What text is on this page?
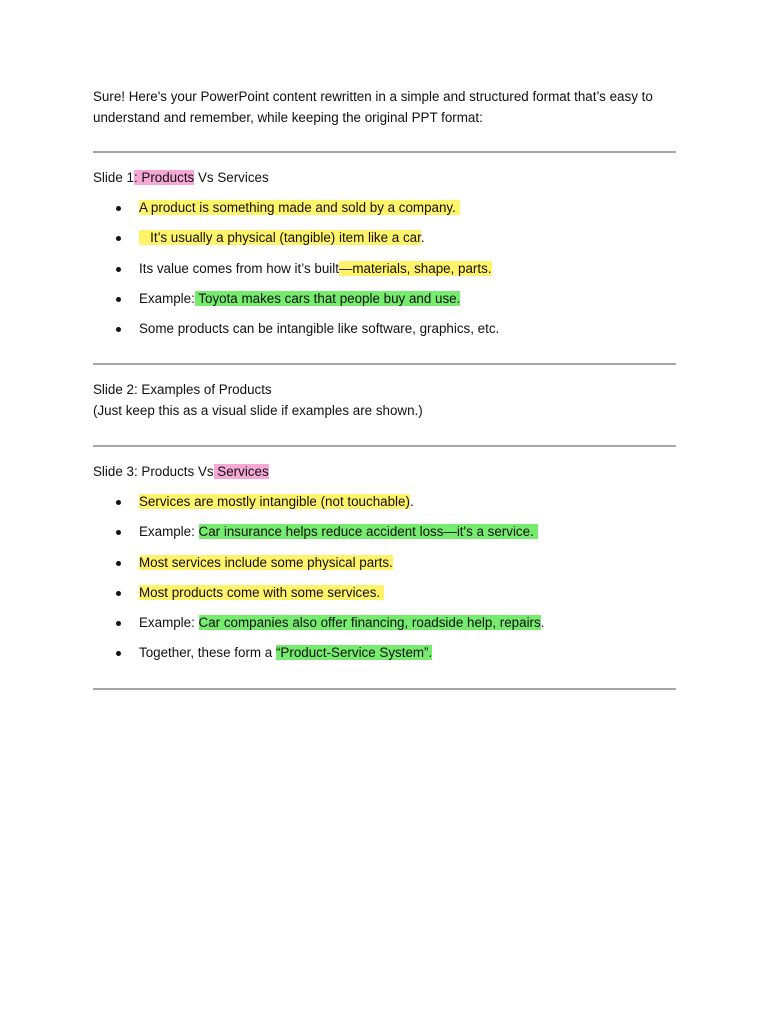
Sure! Here's your PowerPoint content rewritten in a simple and structured format that’s easy to understand and remember, while keeping the original PPT format:

Slide 1: Products Vs Services

A product is something made and sold by a company.
It’s usually a physical (tangible) item like a car.
Its value comes from how it’s built—materials, shape, parts.
Example: Toyota makes cars that people buy and use.
Some products can be intangible like software, graphics, etc.

Slide 2: Examples of Products

(Just keep this as a visual slide if examples are shown.)

Slide 3: Products Vs Services

Services are mostly intangible (not touchable).
Example: Car insurance helps reduce accident loss—it's a service.
Most services include some physical parts.
Most products come with some services.
Example: Car companies also offer financing, roadside help, repairs.
Together, these form a “Product-Service System”.
